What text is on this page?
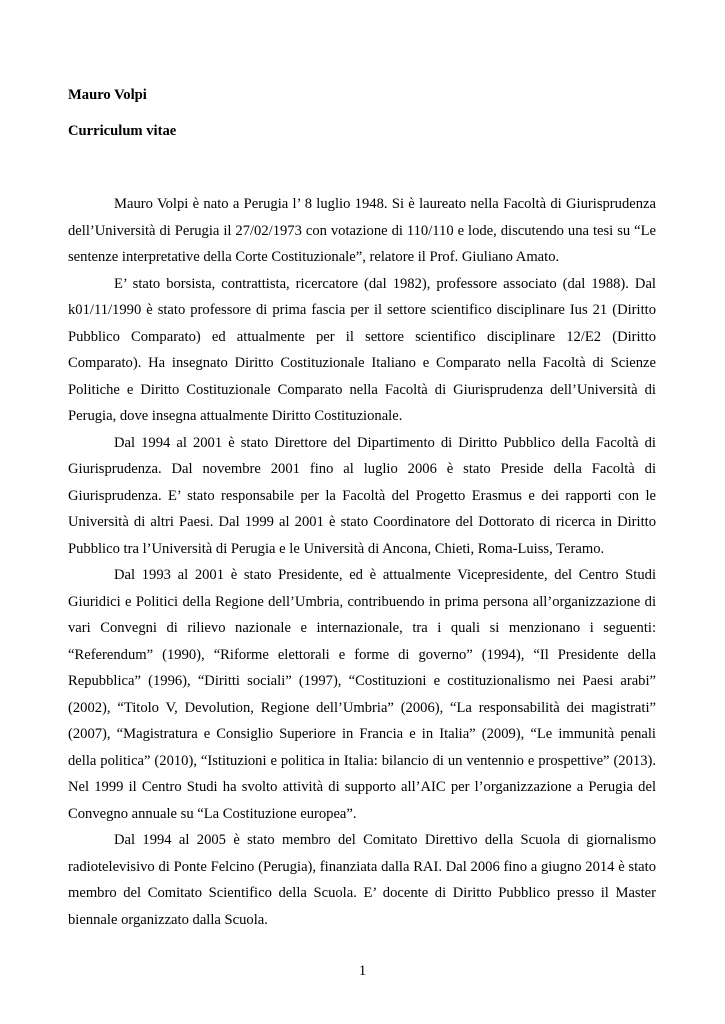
Mauro Volpi

Curriculum vitae

Mauro Volpi è nato a Perugia l’ 8 luglio 1948. Si è laureato nella Facoltà di Giurisprudenza dell’Università di Perugia il 27/02/1973 con votazione di 110/110 e lode, discutendo una tesi su “Le sentenze interpretative della Corte Costituzionale”, relatore il Prof. Giuliano Amato.

E’ stato borsista, contrattista, ricercatore (dal 1982), professore associato (dal 1988). Dal k01/11/1990 è stato professore di prima fascia per il settore scientifico disciplinare Ius 21 (Diritto Pubblico Comparato) ed attualmente per il settore scientifico disciplinare 12/E2 (Diritto Comparato). Ha insegnato Diritto Costituzionale Italiano e Comparato nella Facoltà di Scienze Politiche e Diritto Costituzionale Comparato nella Facoltà di Giurisprudenza dell’Università di Perugia, dove insegna attualmente Diritto Costituzionale.

Dal 1994 al 2001 è stato Direttore del Dipartimento di Diritto Pubblico della Facoltà di Giurisprudenza. Dal novembre 2001 fino al luglio 2006 è stato Preside della Facoltà di Giurisprudenza. E’ stato responsabile per la Facoltà del Progetto Erasmus e dei rapporti con le Università di altri Paesi. Dal 1999 al 2001 è stato Coordinatore del Dottorato di ricerca in Diritto Pubblico tra l’Università di Perugia e le Università di Ancona, Chieti, Roma-Luiss, Teramo.

Dal 1993 al 2001 è stato Presidente, ed è attualmente Vicepresidente, del Centro Studi Giuridici e Politici della Regione dell’Umbria, contribuendo in prima persona all’organizzazione di vari Convegni di rilievo nazionale e internazionale, tra i quali si menzionano i seguenti: “Referendum” (1990), “Riforme elettorali e forme di governo” (1994), “Il Presidente della Repubblica” (1996), “Diritti sociali” (1997), “Costituzioni e costituzionalismo nei Paesi arabi” (2002), “Titolo V, Devolution, Regione dell’Umbria” (2006), “La responsabilità dei magistrati” (2007), “Magistratura e Consiglio Superiore in Francia e in Italia” (2009), “Le immunità penali della politica” (2010), “Istituzioni e politica in Italia: bilancio di un ventennio e prospettive” (2013). Nel 1999 il Centro Studi ha svolto attività di supporto all’AIC per l’organizzazione a Perugia del Convegno annuale su “La Costituzione europea”.

Dal 1994 al 2005 è stato membro del Comitato Direttivo della Scuola di giornalismo radiotelevisivo di Ponte Felcino (Perugia), finanziata dalla RAI. Dal 2006 fino a giugno 2014 è stato membro del Comitato Scientifico della Scuola. E’ docente di Diritto Pubblico presso il Master biennale organizzato dalla Scuola.

1
